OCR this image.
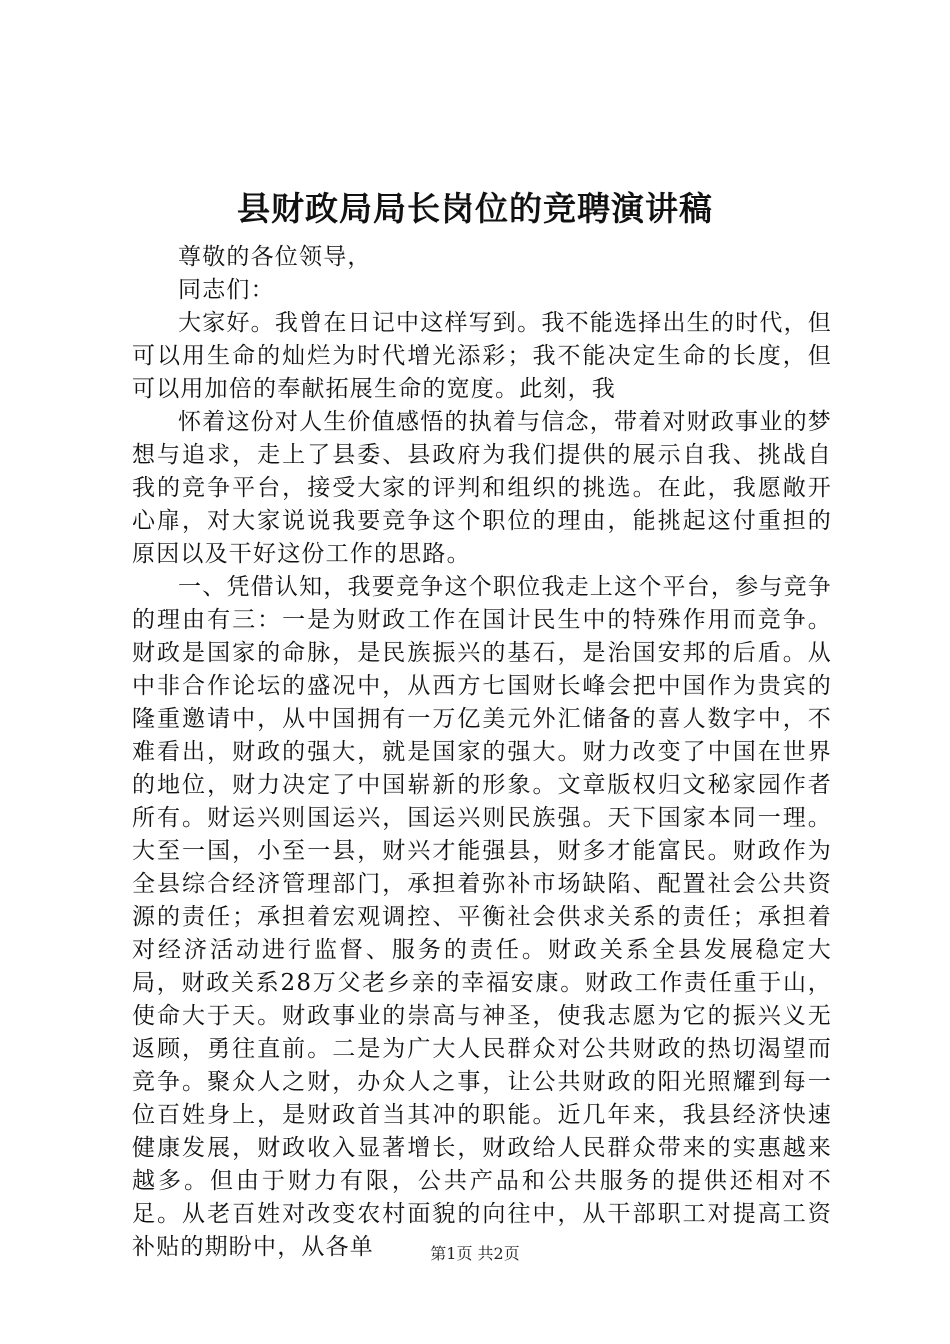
县财政局局长岗位的竞聘演讲稿

尊敬的各位领导，

同志们：

大家好。我曾在日记中这样写到。我不能选择出生的时代，但可以用生命的灿烂为时代增光添彩；我不能决定生命的长度，但可以用加倍的奉献拓展生命的宽度。此刻，我

怀着这份对人生价值感悟的执着与信念，带着对财政事业的梦想与追求，走上了县委、县政府为我们提供的展示自我、挑战自我的竞争平台，接受大家的评判和组织的挑选。在此，我愿敞开心扉，对大家说说我要竞争这个职位的理由，能挑起这付重担的原因以及干好这份工作的思路。

一、凭借认知，我要竞争这个职位我走上这个平台，参与竞争的理由有三：一是为财政工作在国计民生中的特殊作用而竞争。财政是国家的命脉，是民族振兴的基石，是治国安邦的后盾。从中非合作论坛的盛况中，从西方七国财长峰会把中国作为贵宾的隆重邀请中，从中国拥有一万亿美元外汇储备的喜人数字中，不难看出，财政的强大，就是国家的强大。财力改变了中国在世界的地位，财力决定了中国崭新的形象。文章版权归文秘家园作者所有。财运兴则国运兴，国运兴则民族强。天下国家本同一理。大至一国，小至一县，财兴才能强县，财多才能富民。财政作为全县综合经济管理部门，承担着弥补市场缺陷、配置社会公共资源的责任；承担着宏观调控、平衡社会供求关系的责任；承担着对经济活动进行监督、服务的责任。财政关系全县发展稳定大局，财政关系28万父老乡亲的幸福安康。财政工作责任重于山，使命大于天。财政事业的崇高与神圣，使我志愿为它的振兴义无返顾，勇往直前。二是为广大人民群众对公共财政的热切渴望而竞争。聚众人之财，办众人之事，让公共财政的阳光照耀到每一位百姓身上，是财政首当其冲的职能。近几年来，我县经济快速健康发展，财政收入显著增长，财政给人民群众带来的实惠越来越多。但由于财力有限，公共产品和公共服务的提供还相对不足。从老百姓对改变农村面貌的向往中，从干部职工对提高工资补贴的期盼中，从各单	第1页 共2页
